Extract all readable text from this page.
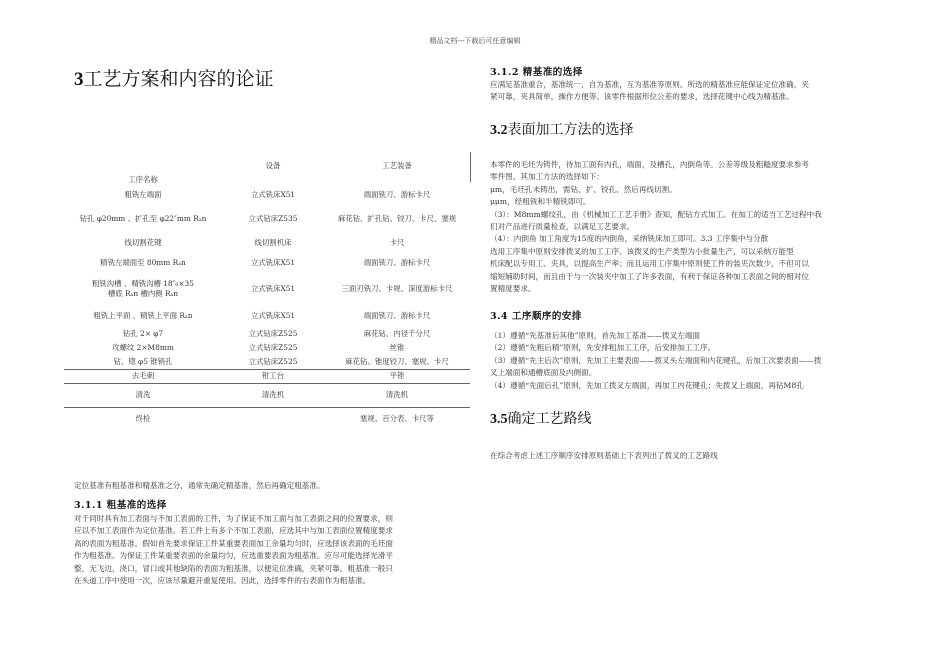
精品文档---下载后可任意编辑
3工艺方案和内容的论证
工序名称	设备	工艺装备
粗铣左端面	立式铣床X51	端面铣刀、游标卡尺
钻孔 φ20mm 、扩孔至 φ22″mm Rₐn	立式钻床Z535	麻花钻、扩孔钻、铰刀、卡尺、塞规
线切割花键	线切割机床	卡尺
精铣左端面至 80mm Rₐn	立式铣床X51	端面铣刀、游标卡尺
粗铣沟槽 、精铣沟槽 18″₀×35
槽底 Rₐn 槽内侧 Rₐn	立式铣床X51	三面刃铣刀、卡规、深度游标卡尺
粗铣上平面 、精铣上平面 Rₐn	立式铣床X51	端面铣刀、游标卡尺
钻孔 2× φ7	立式钻床Z525	麻花钻、内径千分尺
攻螺纹 2×M8mm	立式钻床Z525	丝锥
钻、锪 φ5 锥销孔	立式钻床Z525	麻花钻、锥度铰刀、塞规、卡尺
去毛刺	钳工台	平锉
清洗	清洗机	清洗机
终检		塞规、百分表、卡尺等
定位基准有粗基准和精基准之分，通常先确定精基准，然后再确定粗基准。
3.1.1 粗基准的选择
对于同时具有加工表面与不加工表面的工件，为了保证不加工面与加工表面之间的位置要求，则
应以不加工表面作为定位基准。若工件上有多个不加工表面，应选其中与加工表面位置精度要求
高的表面为粗基准。假如首先要求保证工件某重要表面加工余量均匀时，应选择该表面的毛坯面
作为粗基准。为保证工件某重要表面的余量均匀，应选重要表面为粗基准。应尽可能选择光滑平
整，无飞边，浇口，冒口或其他缺陷的表面为粗基准，以便定位准确，夹紧可靠。粗基准一般只
在头道工序中使用一次，应该尽量避开重复使用。因此，选择零件的右表面作为粗基准。
3.1.2 精基准的选择
应满足基准重合，基准统一，自为基准，互为基准等原则。所选的精基准应能保证定位准确，夹
紧可靠，夹具简单，操作方便等。该零件根据形位公差的要求，选择花键中心线为精基准。
3.2表面加工方法的选择
本零件的毛坯为铸件，待加工面有内孔，端面，及槽孔，内倒角等。公差等级及粗糙度要求参考
零件图。其加工方法的选择如下：
μm，毛坯孔未铸出，需钻、扩、铰孔、然后再线切割。
μμm，经粗铣和半精铣即可。
（3）：M8mm螺纹孔，由《机械加工工艺手册》查知，配钻方式加工。在加工的适当工艺过程中我
们对产品进行质量检查，以满足工艺要求。
（4）：内倒角 加工角度为15度的内倒角，采纳铣床加工即可。3.3 工序集中与分散
选用工序集中原则安排拨叉的加工工序。该拨叉的生产类型为小批量生产，可以采纳万能型
机床配以专用工、夹具，以提高生产率；而且运用工序集中原则使工件的装夹次数少，不但可以
缩短辅助时间，而且由于与一次装夹中加工了许多表面，有利于保证各种加工表面之间的相对位
置精度要求。
3.4 工序顺序的安排
（1）遵循“先基准后其他”原则，首先加工基准——拨叉左端面
（2）遵循“先粗后精”原则，先安排粗加工工序，后安排加工工序。
（3）遵循“先主后次”原则，先加工主要表面——拨叉头左端面和内花键孔，后加工次要表面——拨
叉上端面和通槽底面及内侧面。
（4）遵循“先面后孔”原则，先加工拨叉左端面，再加工内花键孔；先拨叉上端面，再钻M8孔
3.5确定工艺路线
在综合考虑上述工序顺序安排原则基础上下表列出了拨叉的工艺路线
